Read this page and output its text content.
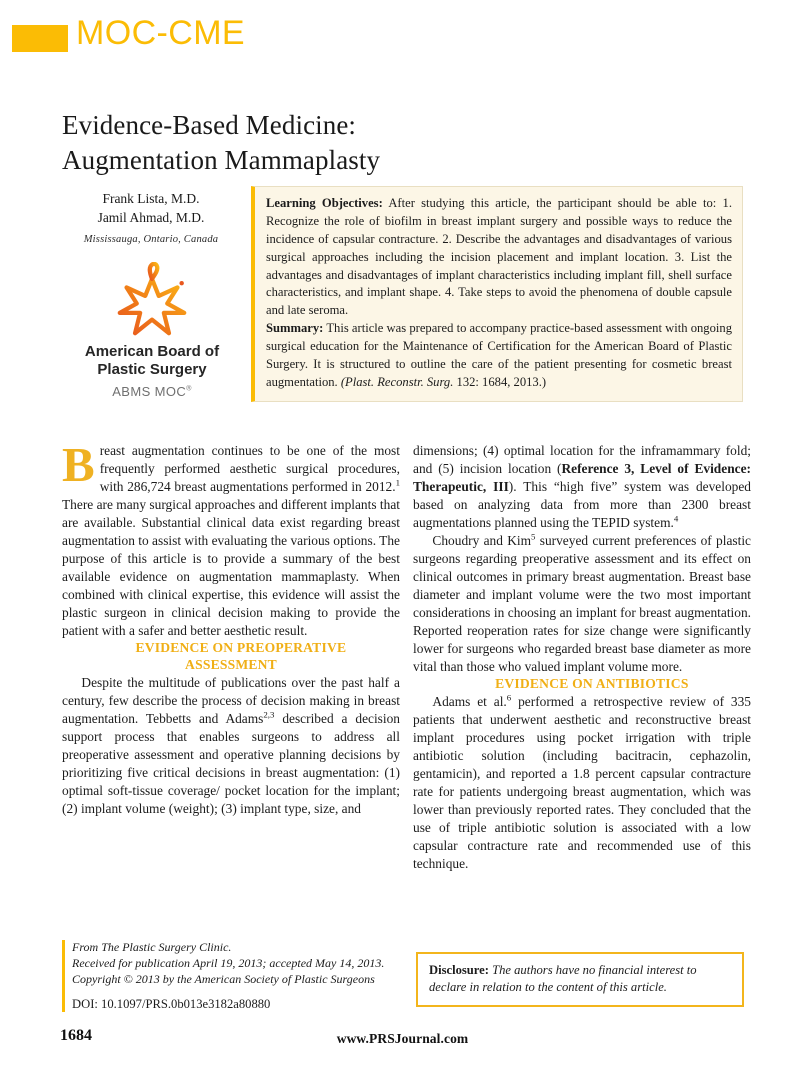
MOC-CME
Evidence-Based Medicine:
Augmentation Mammaplasty
Frank Lista, M.D.
Jamil Ahmad, M.D.
Mississauga, Ontario, Canada
American Board of
Plastic Surgery
ABMS MOC®

Learning Objectives: After studying this article, the participant should be able to: 1. Recognize the role of biofilm in breast implant surgery and possible ways to reduce the incidence of capsular contracture. 2. Describe the advantages and disadvantages of various surgical approaches including the incision placement and implant location. 3. List the advantages and disadvantages of implant characteristics including implant fill, shell surface characteristics, and implant shape. 4. Take steps to avoid the phenomena of double capsule and late seroma.

Summary: This article was prepared to accompany practice-based assessment with ongoing surgical education for the Maintenance of Certification for the American Board of Plastic Surgery. It is structured to outline the care of the patient presenting for cosmetic breast augmentation. (Plast. Reconstr. Surg. 132: 1684, 2013.)

Breast augmentation continues to be one of the most frequently performed aesthetic surgical procedures, with 286,724 breast augmentations performed in 2012.$^1$ There are many surgical approaches and different implants that are available. Substantial clinical data exist regarding breast augmentation to assist with evaluating the various options. The purpose of this article is to provide a summary of the best available evidence on augmentation mammaplasty. When combined with clinical expertise, this evidence will assist the plastic surgeon in clinical decision making to provide the patient with a safer and better aesthetic result.

EVIDENCE ON PREOPERATIVE
ASSESSMENT

Despite the multitude of publications over the past half a century, few describe the process of decision making in breast augmentation. Tebbetts and Adams$^{2,3}$ described a decision support process that enables surgeons to address all preoperative assessment and operative planning decisions by prioritizing five critical decisions in breast augmentation: (1) optimal soft-tissue coverage/ pocket location for the implant; (2) implant volume (weight); (3) implant type, size, and

dimensions; (4) optimal location for the inframammary fold; and (5) incision location (Reference 3, Level of Evidence: Therapeutic, III). This “high five” system was developed based on analyzing data from more than 2300 breast augmentations planned using the TEPID system.$^4$

Choudry and Kim$^5$ surveyed current preferences of plastic surgeons regarding preoperative assessment and its effect on clinical outcomes in primary breast augmentation. Breast base diameter and implant volume were the two most important considerations in choosing an implant for breast augmentation. Reported reoperation rates for size change were significantly lower for surgeons who regarded breast base diameter as more vital than those who valued implant volume more.

EVIDENCE ON ANTIBIOTICS

Adams et al.$^6$ performed a retrospective review of 335 patients that underwent aesthetic and reconstructive breast implant procedures using pocket irrigation with triple antibiotic solution (including bacitracin, cephazolin, gentamicin), and reported a 1.8 percent capsular contracture rate for patients undergoing breast augmentation, which was lower than previously reported rates. They concluded that the use of triple antibiotic solution is associated with a low capsular contracture rate and recommended use of this technique.

From The Plastic Surgery Clinic.

Received for publication April 19, 2013; accepted May 14, 2013.

Copyright © 2013 by the American Society of Plastic Surgeons

DOI: 10.1097/PRS.0b013e3182a80880

Disclosure: The authors have no financial interest to declare in relation to the content of this article.

1684	www.PRSJournal.com
